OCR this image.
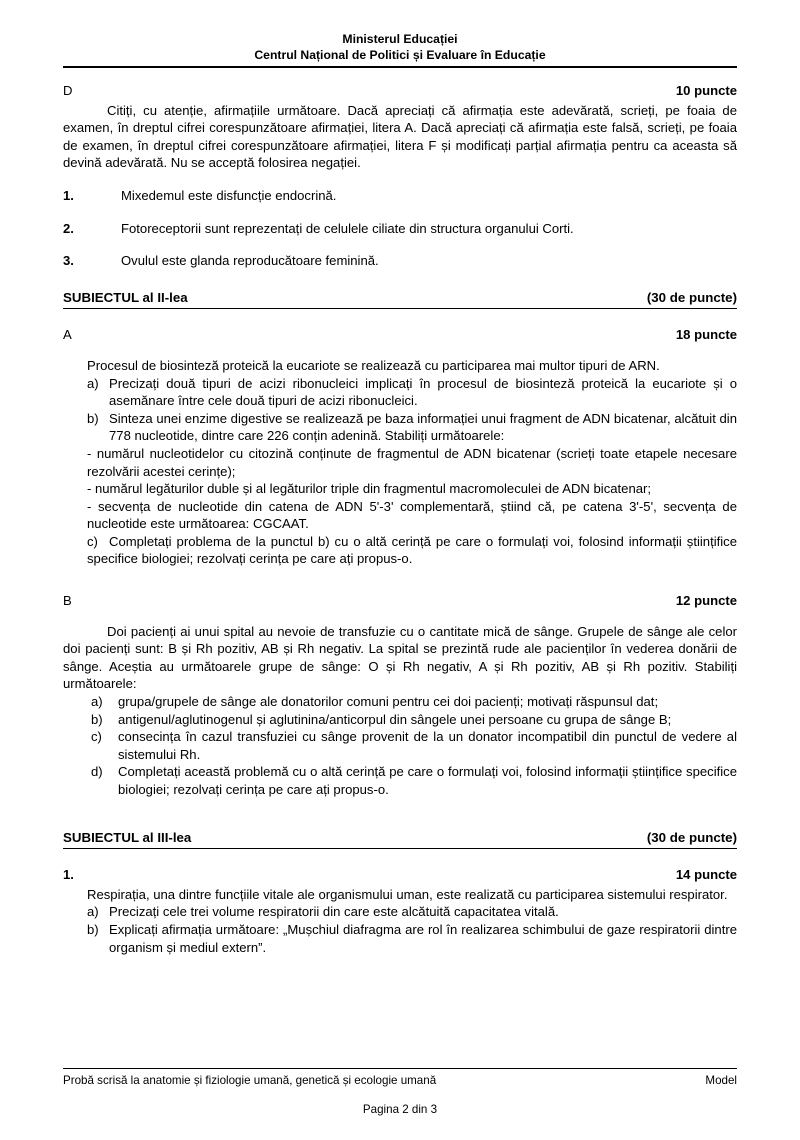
Ministerul Educației
Centrul Național de Politici și Evaluare în Educație
D	10 puncte
Citiți, cu atenție, afirmațiile următoare. Dacă apreciați că afirmația este adevărată, scrieți, pe foaia de examen, în dreptul cifrei corespunzătoare afirmației, litera A. Dacă apreciați că afirmația este falsă, scrieți, pe foaia de examen, în dreptul cifrei corespunzătoare afirmației, litera F și modificați parțial afirmația pentru ca aceasta să devină adevărată. Nu se acceptă folosirea negației.
1.	Mixedemul este disfuncție endocrină.
2.	Fotoreceptorii sunt reprezentați de celulele ciliate din structura organului Corti.
3.	Ovulul este glanda reproducătoare feminină.
SUBIECTUL al II-lea	(30 de puncte)
A	18 puncte
Procesul de biosinteză proteică la eucariote se realizează cu participarea mai multor tipuri de ARN.
a) Precizați două tipuri de acizi ribonucleici implicați în procesul de biosinteză proteică la eucariote și o asemănare între cele două tipuri de acizi ribonucleici.
b) Sinteza unei enzime digestive se realizează pe baza informației unui fragment de ADN bicatenar, alcătuit din 778 nucleotide, dintre care 226 conțin adenină. Stabiliți următoarele:
- numărul nucleotidelor cu citozină conținute de fragmentul de ADN bicatenar (scrieți toate etapele necesare rezolvării acestei cerințe);
- numărul legăturilor duble și al legăturilor triple din fragmentul macromoleculei de ADN bicatenar;
- secvența de nucleotide din catena de ADN 5'-3' complementară, știind că, pe catena 3'-5', secvența de nucleotide este următoarea: CGCAAT.
c) Completați problema de la punctul b) cu o altă cerință pe care o formulați voi, folosind informații științifice specifice biologiei; rezolvați cerința pe care ați propus-o.
B	12 puncte
Doi pacienți ai unui spital au nevoie de transfuzie cu o cantitate mică de sânge. Grupele de sânge ale celor doi pacienți sunt: B și Rh pozitiv, AB și Rh negativ. La spital se prezintă rude ale pacienților în vederea donării de sânge. Aceștia au următoarele grupe de sânge: O și Rh negativ, A și Rh pozitiv, AB și Rh pozitiv. Stabiliți următoarele:
a)	grupa/grupele de sânge ale donatorilor comuni pentru cei doi pacienți; motivați răspunsul dat;
b)	antigenul/aglutinogenul și aglutinina/anticorpul din sângele unei persoane cu grupa de sânge B;
c)	consecința în cazul transfuziei cu sânge provenit de la un donator incompatibil din punctul de vedere al sistemului Rh.
d)	Completați această problemă cu o altă cerință pe care o formulați voi, folosind informații științifice specifice biologiei; rezolvați cerința pe care ați propus-o.
SUBIECTUL al III-lea	(30 de puncte)
1.	14 puncte
Respirația, una dintre funcțiile vitale ale organismului uman, este realizată cu participarea sistemului respirator.
a) Precizați cele trei volume respiratorii din care este alcătuită capacitatea vitală.
b) Explicați afirmația următoare: „Mușchiul diafragma are rol în realizarea schimbului de gaze respiratorii dintre organism și mediul extern”.
Probă scrisă la anatomie și fiziologie umană, genetică și ecologie umană	Model
Pagina 2 din 3
